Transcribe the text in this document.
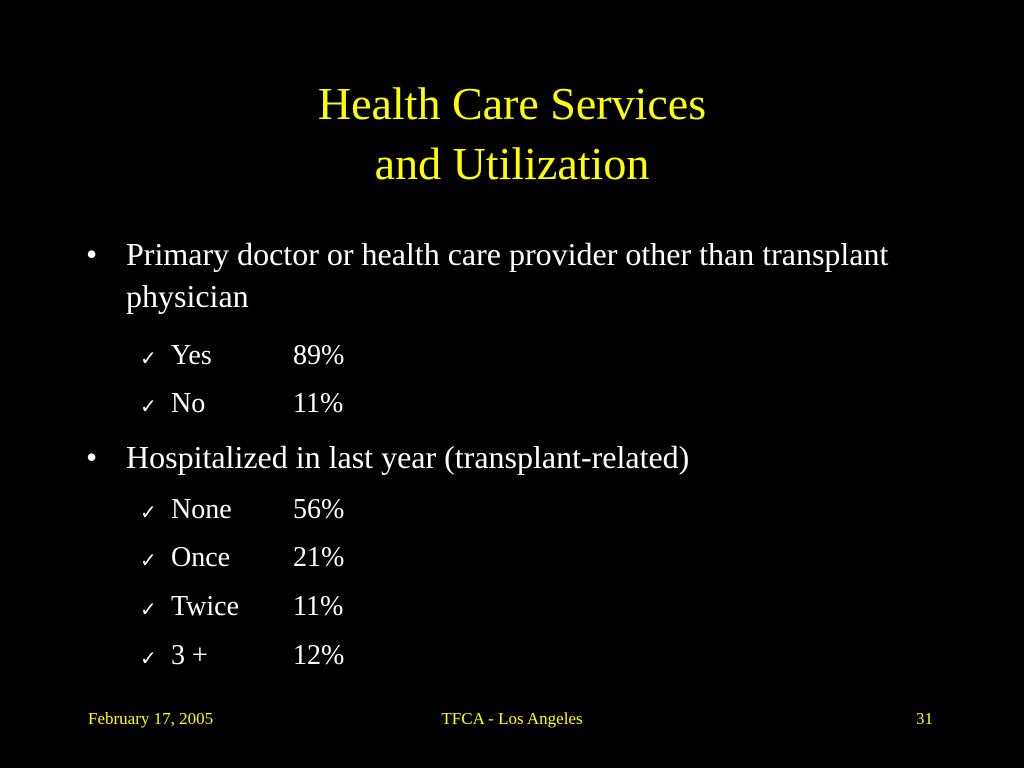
Health Care Services
and Utilization
• Primary doctor or health care provider other than transplant physician
✓ Yes	89%
✓ No	11%
• Hospitalized in last year (transplant-related)
✓ None 56%
✓ Once 21%
✓ Twice 11%
✓ 3 +	12%
February 17, 2005	TFCA - Los Angeles	31
